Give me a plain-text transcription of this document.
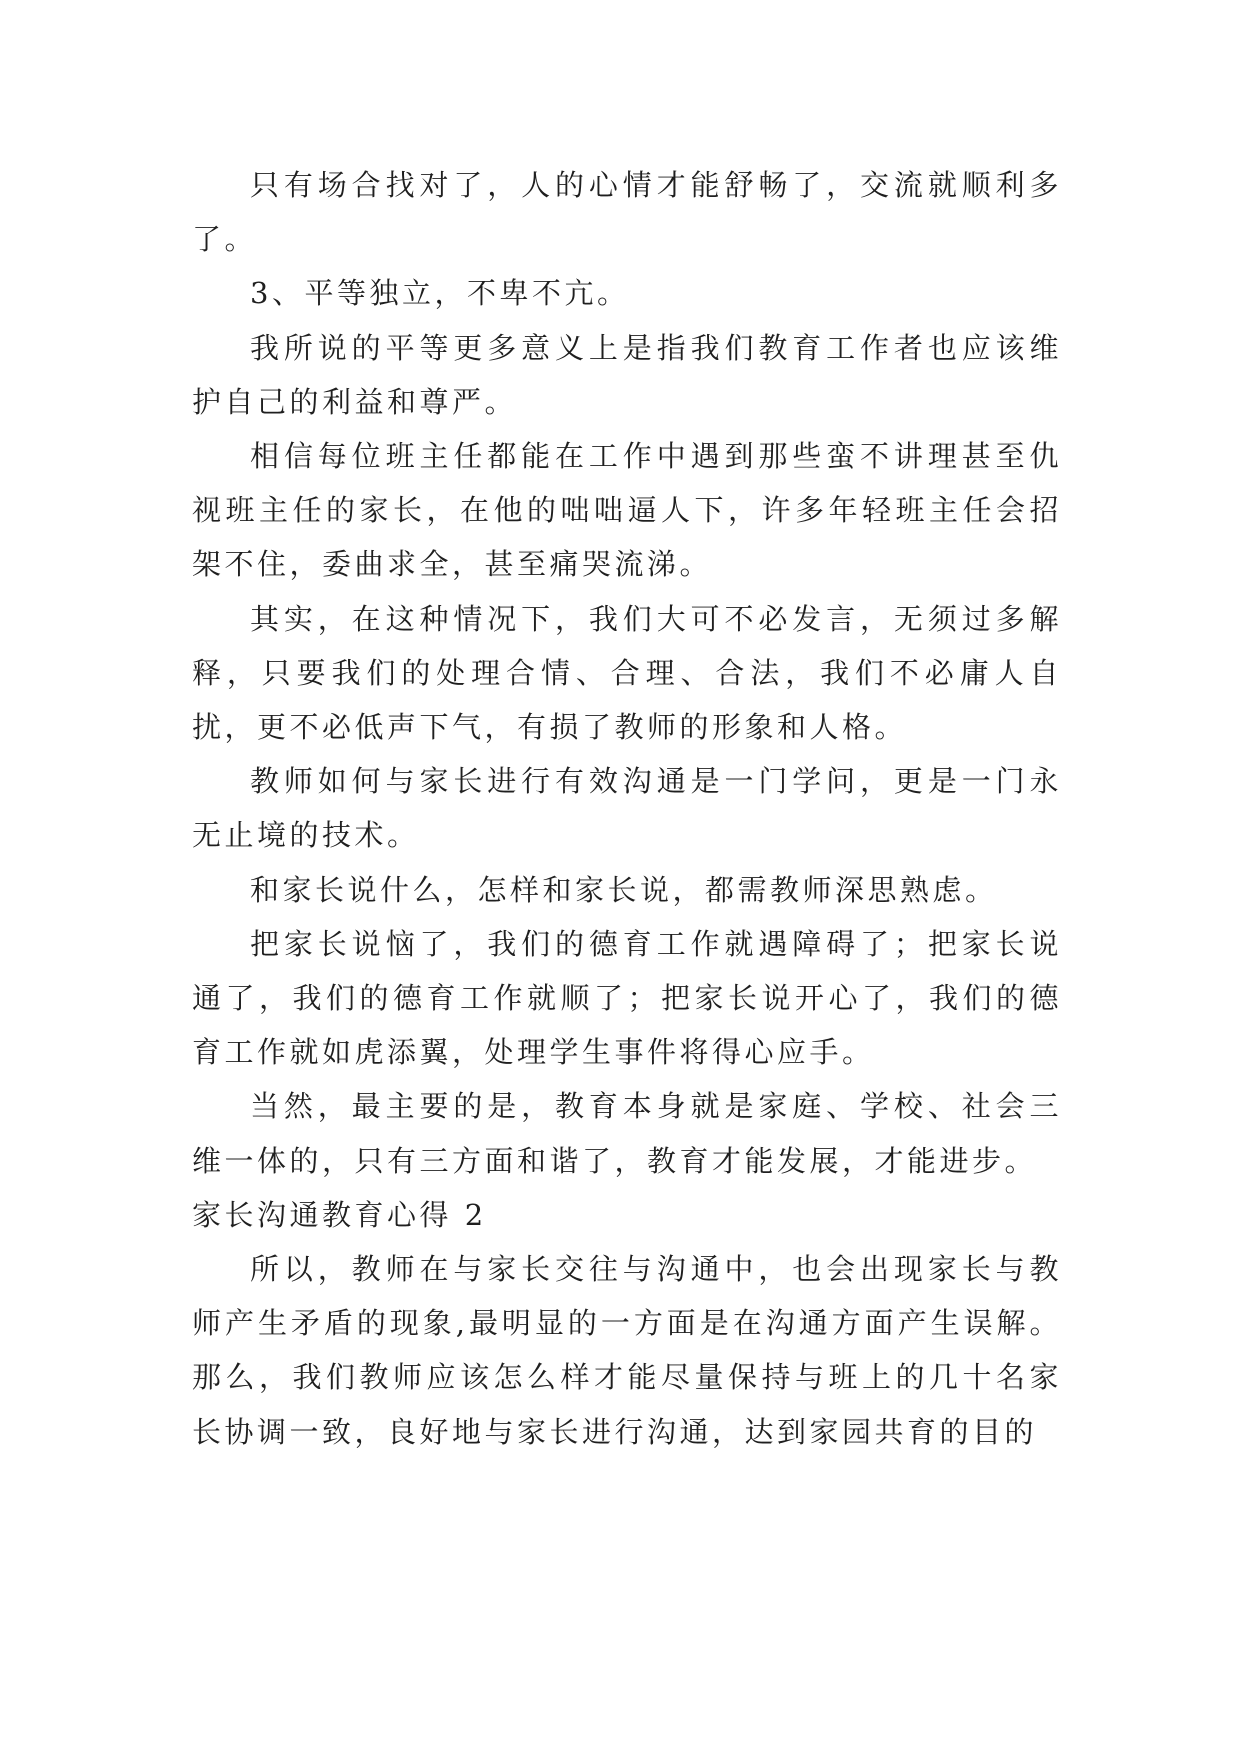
只有场合找对了，人的心情才能舒畅了，交流就顺利多了。

3、平等独立，不卑不亢。

我所说的平等更多意义上是指我们教育工作者也应该维护自己的利益和尊严。

相信每位班主任都能在工作中遇到那些蛮不讲理甚至仇视班主任的家长，在他的咄咄逼人下，许多年轻班主任会招架不住，委曲求全，甚至痛哭流涕。

其实，在这种情况下，我们大可不必发言，无须过多解释，只要我们的处理合情、合理、合法，我们不必庸人自扰，更不必低声下气，有损了教师的形象和人格。

教师如何与家长进行有效沟通是一门学问，更是一门永无止境的技术。

和家长说什么，怎样和家长说，都需教师深思熟虑。

把家长说恼了，我们的德育工作就遇障碍了；把家长说通了，我们的德育工作就顺了；把家长说开心了，我们的德育工作就如虎添翼，处理学生事件将得心应手。

当然，最主要的是，教育本身就是家庭、学校、社会三维一体的，只有三方面和谐了，教育才能发展，才能进步。

家长沟通教育心得 2

所以，教师在与家长交往与沟通中，也会出现家长与教师产生矛盾的现象,最明显的一方面是在沟通方面产生误解。那么，我们教师应该怎么样才能尽量保持与班上的几十名家长协调一致，良好地与家长进行沟通，达到家园共育的目的
